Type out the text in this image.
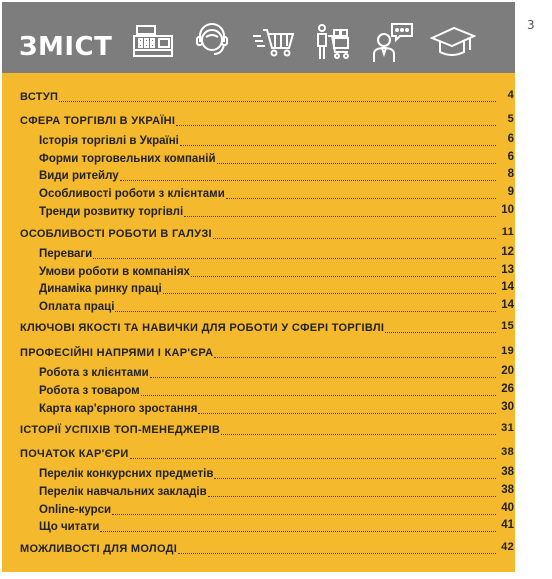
3
ЗМІСТ
ВСТУП	4
СФЕРА ТОРГІВЛІ В УКРАЇНІ	5
Історія торгівлі в Україні	6
Форми торговельних компаній	6
Види ритейлу	8
Особливості роботи з клієнтами	9
Тренди розвитку торгівлі	10
ОСОБЛИВОСТІ РОБОТИ В ГАЛУЗІ	11
Переваги	12
Умови роботи в компаніях	13
Динаміка ринку праці	14
Оплата праці	14
КЛЮЧОВІ ЯКОСТІ ТА НАВИЧКИ ДЛЯ РОБОТИ У СФЕРІ ТОРГІВЛІ	15
ПРОФЕСІЙНІ НАПРЯМИ І КАР'ЄРА	19
Робота з клієнтами	20
Робота з товаром	26
Карта кар'єрного зростання	30
ІСТОРІЇ УСПІХІВ ТОП-МЕНЕДЖЕРІВ	31
ПОЧАТОК КАР'ЄРИ	38
Перелік конкурсних предметів	38
Перелік навчальних закладів	38
Online-курси	40
Що читати	41
МОЖЛИВОСТІ ДЛЯ МОЛОДІ	42
